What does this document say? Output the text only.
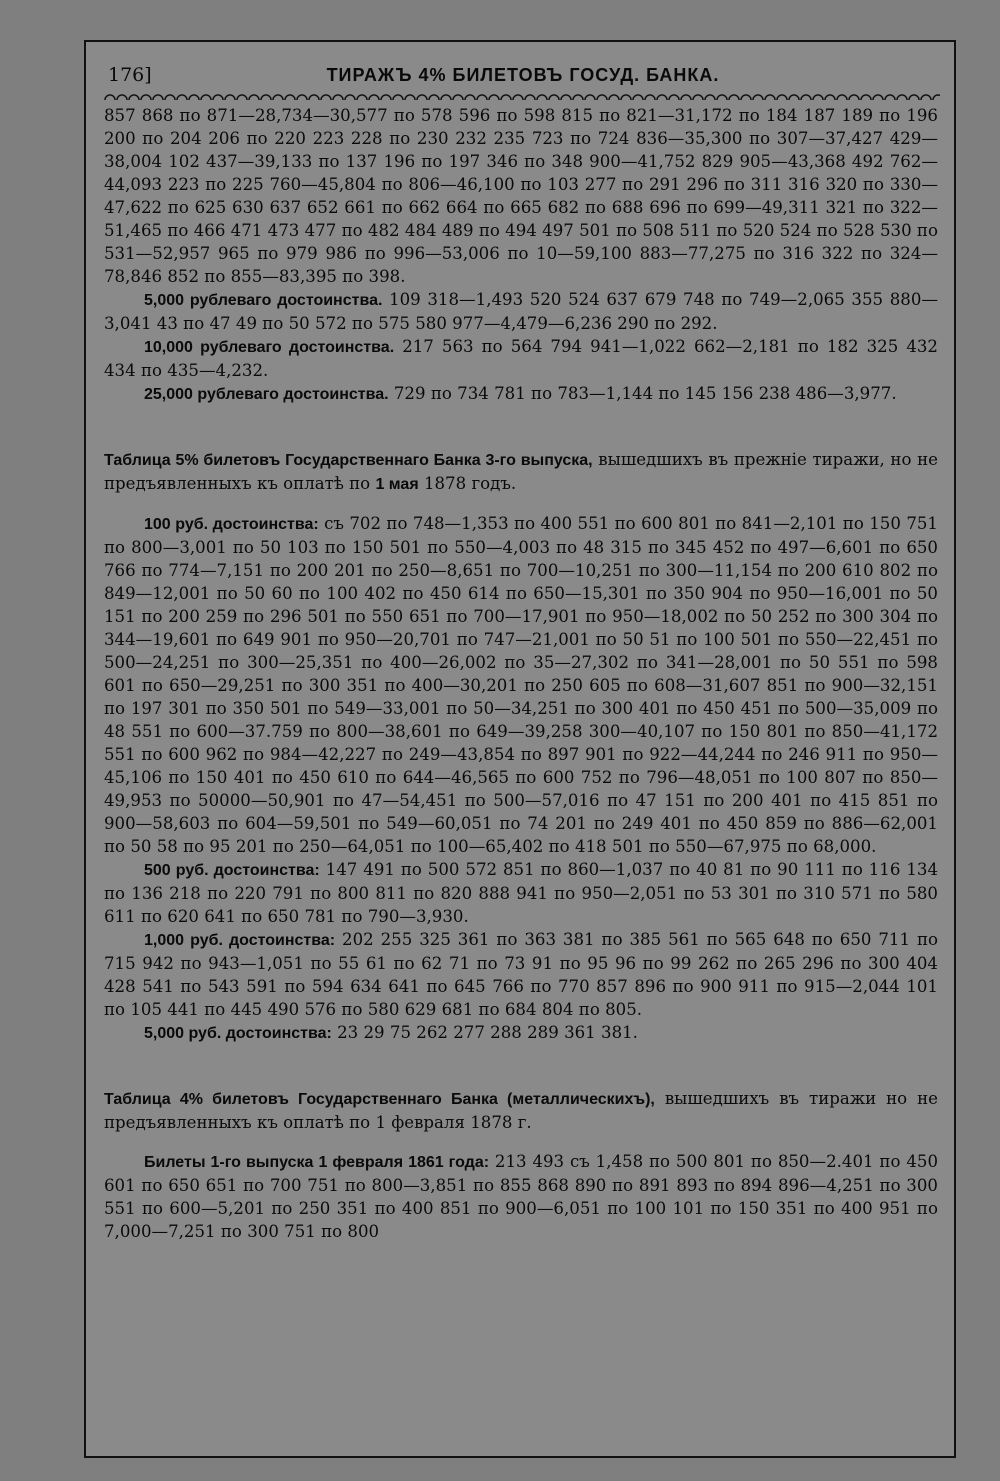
176]	ТИРАЖЪ 4% БИЛЕТОВЪ ГОСУД. БАНКА.

857 868 по 871—28,734—30,577 по 578 596 по 598 815 по 821—31,172 по 184 187 189 по 196 200 по 204 206 по 220 223 228 по 230 232 235 723 по 724 836—35,300 по 307—37,427 429—38,004 102 437—39,133 по 137 196 по 197 346 по 348 900—41,752 829 905—43,368 492 762—44,093 223 по 225 760—45,804 по 806—46,100 по 103 277 по 291 296 по 311 316 320 по 330—47,622 по 625 630 637 652 661 по 662 664 по 665 682 по 688 696 по 699—49,311 321 по 322—51,465 по 466 471 473 477 по 482 484 489 по 494 497 501 по 508 511 по 520 524 по 528 530 по 531—52,957 965 по 979 986 по 996—53,006 по 10—59,100 883—77,275 по 316 322 по 324—78,846 852 по 855—83,395 по 398.

5,000 рублеваго достоинства. 109 318—1,493 520 524 637 679 748 по 749—2,065 355 880—3,041 43 по 47 49 по 50 572 по 575 580 977—4,479—6,236 290 по 292.

10,000 рублеваго достоинства. 217 563 по 564 794 941—1,022 662—2,181 по 182 325 432 434 по 435—4,232.

25,000 рублеваго достоинства. 729 по 734 781 по 783—1,144 по 145 156 238 486—3,977.

Таблица 5% билетовъ Государственнаго Банка 3-го выпуска, вышедшихъ въ прежніе тиражи, но не предъявленныхъ къ оплатѣ по 1 мая 1878 годъ.

100 руб. достоинства: съ 702 по 748—1,353 по 400 551 по 600 801 по 841—2,101 по 150 751 по 800—3,001 по 50 103 по 150 501 по 550—4,003 по 48 315 по 345 452 по 497—6,601 по 650 766 по 774—7,151 по 200 201 по 250—8,651 по 700—10,251 по 300—11,154 по 200 610 802 по 849—12,001 по 50 60 по 100 402 по 450 614 по 650—15,301 по 350 904 по 950—16,001 по 50 151 по 200 259 по 296 501 по 550 651 по 700—17,901 по 950—18,002 по 50 252 по 300 304 по 344—19,601 по 649 901 по 950—20,701 по 747—21,001 по 50 51 по 100 501 по 550—22,451 по 500—24,251 по 300—25,351 по 400—26,002 по 35—27,302 по 341—28,001 по 50 551 по 598 601 по 650—29,251 по 300 351 по 400—30,201 по 250 605 по 608—31,607 851 по 900—32,151 по 197 301 по 350 501 по 549—33,001 по 50—34,251 по 300 401 по 450 451 по 500—35,009 по 48 551 по 600—37.759 по 800—38,601 по 649—39,258 300—40,107 по 150 801 по 850—41,172 551 по 600 962 по 984—42,227 по 249—43,854 по 897 901 по 922—44,244 по 246 911 по 950—45,106 по 150 401 по 450 610 по 644—46,565 по 600 752 по 796—48,051 по 100 807 по 850—49,953 по 50000—50,901 по 47—54,451 по 500—57,016 по 47 151 по 200 401 по 415 851 по 900—58,603 по 604—59,501 по 549—60,051 по 74 201 по 249 401 по 450 859 по 886—62,001 по 50 58 по 95 201 по 250—64,051 по 100—65,402 по 418 501 по 550—67,975 по 68,000.

500 руб. достоинства: 147 491 по 500 572 851 по 860—1,037 по 40 81 по 90 111 по 116 134 по 136 218 по 220 791 по 800 811 по 820 888 941 по 950—2,051 по 53 301 по 310 571 по 580 611 по 620 641 по 650 781 по 790—3,930.

1,000 руб. достоинства: 202 255 325 361 по 363 381 по 385 561 по 565 648 по 650 711 по 715 942 по 943—1,051 по 55 61 по 62 71 по 73 91 по 95 96 по 99 262 по 265 296 по 300 404 428 541 по 543 591 по 594 634 641 по 645 766 по 770 857 896 по 900 911 по 915—2,044 101 по 105 441 по 445 490 576 по 580 629 681 по 684 804 по 805.

5,000 руб. достоинства: 23 29 75 262 277 288 289 361 381.

Таблица 4% билетовъ Государственнаго Банка (металлическихъ), вышедшихъ въ тиражи но не предъявленныхъ къ оплатѣ по 1 февраля 1878 г.

Билеты 1-го выпуска 1 февраля 1861 года: 213 493 съ 1,458 по 500 801 по 850—2.401 по 450 601 по 650 651 по 700 751 по 800—3,851 по 855 868 890 по 891 893 по 894 896—4,251 по 300 551 по 600—5,201 по 250 351 по 400 851 по 900—6,051 по 100 101 по 150 351 по 400 951 по 7,000—7,251 по 300 751 по 800
